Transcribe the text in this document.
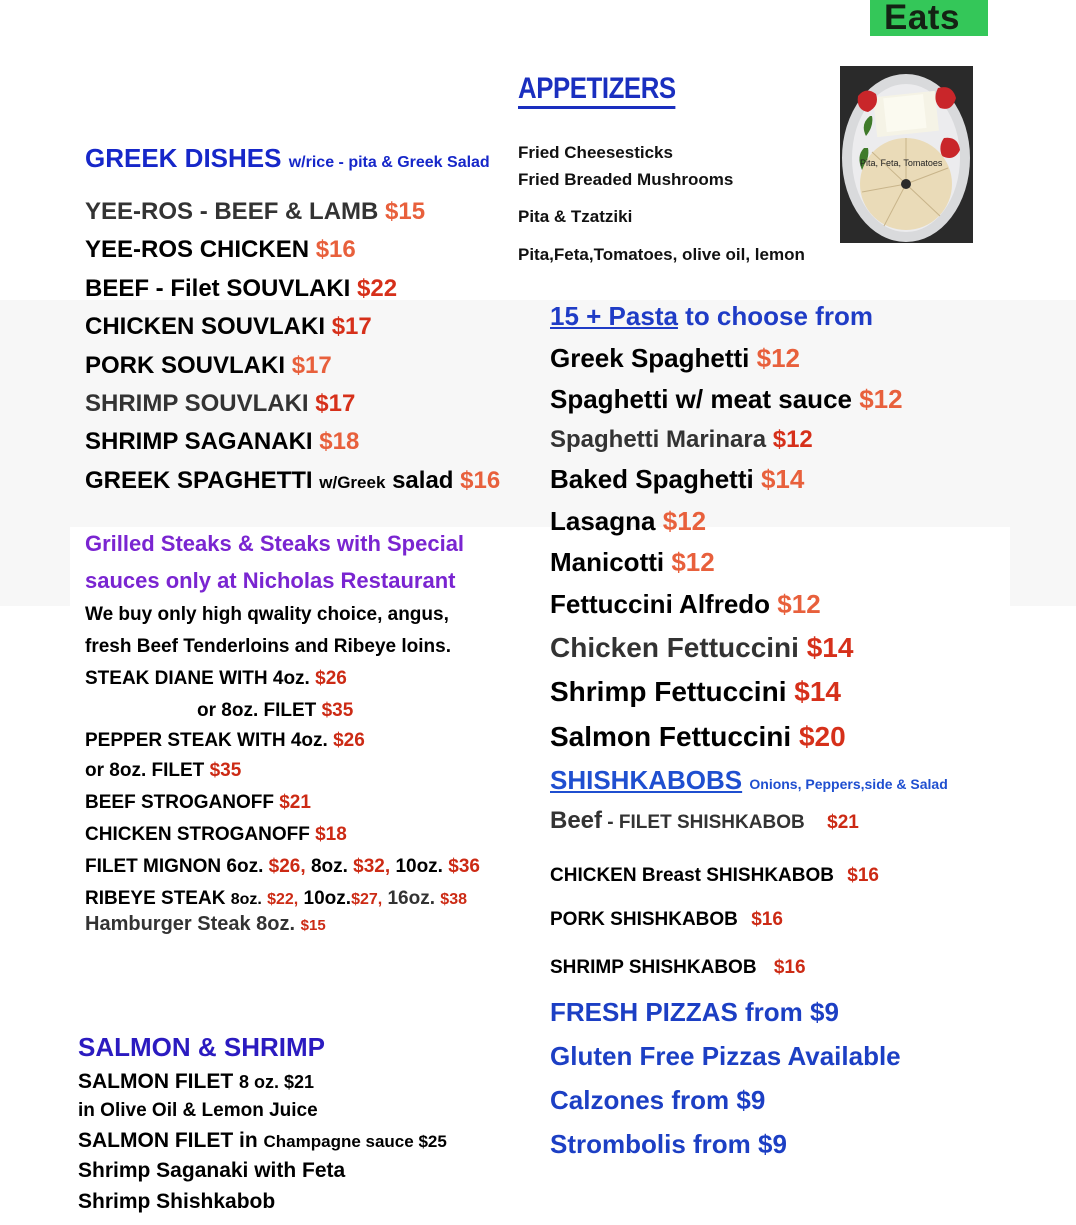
Eats
APPETIZERS
Fried Cheesesticks
Fried Breaded Mushrooms
Pita & Tzatziki
Pita,Feta,Tomatoes, olive oil, lemon
Pita, Feta, Tomatoes
GREEK DISHES w/rice - pita & Greek Salad
YEE-ROS - BEEF & LAMB $15
YEE-ROS CHICKEN $16
BEEF - Filet SOUVLAKI $22
CHICKEN SOUVLAKI $17
PORK SOUVLAKI $17
SHRIMP SOUVLAKI $17
SHRIMP SAGANAKI $18
GREEK SPAGHETTI w/Greek salad $16
15 + Pasta to choose from
Greek Spaghetti $12
Spaghetti w/ meat sauce $12
Spaghetti Marinara $12
Baked Spaghetti $14
Lasagna $12
Manicotti $12
Fettuccini Alfredo $12
Chicken Fettuccini $14
Shrimp Fettuccini $14
Salmon Fettuccini $20
Grilled Steaks & Steaks with Special
sauces only at Nicholas Restaurant
We buy only high qwality choice, angus,
fresh Beef Tenderloins and Ribeye loins.
STEAK DIANE WITH 4oz. $26
or 8oz. FILET $35
PEPPER STEAK WITH 4oz. $26
or 8oz. FILET $35
BEEF STROGANOFF $21
CHICKEN STROGANOFF $18
FILET MIGNON 6oz. $26, 8oz. $32, 10oz. $36
RIBEYE STEAK 8oz. $22, 10oz.$27, 16oz. $38
Hamburger Steak 8oz. $15
SHISHKABOBS Onions, Peppers,side & Salad
Beef - FILET SHISHKABOB $21
CHICKEN Breast SHISHKABOB $16
PORK SHISHKABOB $16
SHRIMP SHISHKABOB $16
FRESH PIZZAS from $9
Gluten Free Pizzas Available
Calzones from $9
Strombolis from $9
SALMON & SHRIMP
SALMON FILET 8 oz. $21
in Olive Oil & Lemon Juice
SALMON FILET in Champagne sauce $25
Shrimp Saganaki with Feta
Shrimp Shishkabob
